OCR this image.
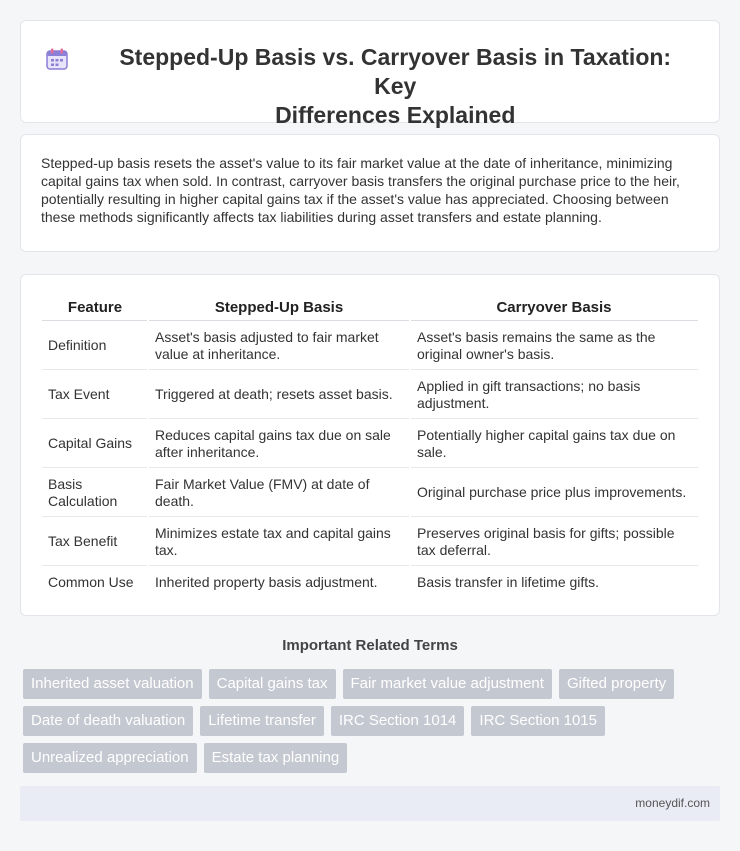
Stepped-Up Basis vs. Carryover Basis in Taxation: Key
Differences Explained

Stepped-up basis resets the asset's value to its fair market value at the date of inheritance, minimizing capital gains tax when sold. In contrast, carryover basis transfers the original purchase price to the heir, potentially resulting in higher capital gains tax if the asset's value has appreciated. Choosing between these methods significantly affects tax liabilities during asset transfers and estate planning.

Feature	Stepped-Up Basis	Carryover Basis
Definition	Asset's basis adjusted to fair market value at inheritance.	Asset's basis remains the same as the original owner's basis.
Tax Event	Triggered at death; resets asset basis.	Applied in gift transactions; no basis adjustment.
Capital Gains	Reduces capital gains tax due on sale after inheritance.	Potentially higher capital gains tax due on sale.
Basis Calculation	Fair Market Value (FMV) at date of death.	Original purchase price plus improvements.
Tax Benefit	Minimizes estate tax and capital gains tax.	Preserves original basis for gifts; possible tax deferral.
Common Use	Inherited property basis adjustment.	Basis transfer in lifetime gifts.
Important Related Terms
Inherited asset valuation	Capital gains tax	Fair market value adjustment	Gifted property
Date of death valuation	Lifetime transfer	IRC Section 1014	IRC Section 1015
Unrealized appreciation	Estate tax planning
moneydif.com
